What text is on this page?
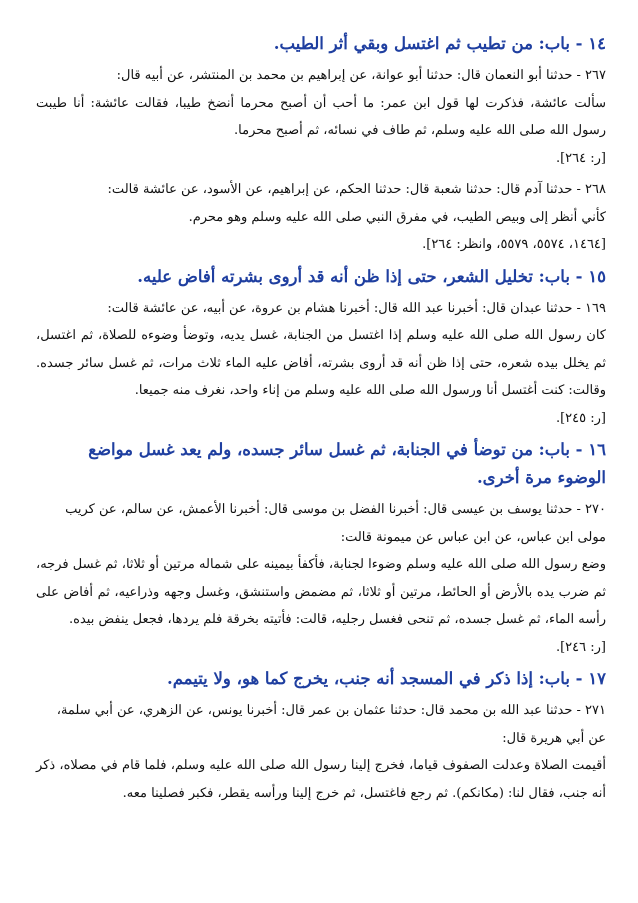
١٤ - باب: من تطيب ثم اغتسل وبقي أثر الطيب.

٢٦٧ - حدثنا أبو النعمان قال: حدثنا أبو عوانة، عن إبراهيم بن محمد بن المنتشر، عن أبيه قال:

سألت عائشة، فذكرت لها قول ابن عمر: ما أحب أن أصبح محرما أنضخ طيبا، فقالت عائشة: أنا طيبت رسول الله صلى الله عليه وسلم، ثم طاف في نسائه، ثم أصبح محرما.

[ر: ٢٦٤].

٢٦٨ - حدثنا آدم قال: حدثنا شعبة قال: حدثنا الحكم، عن إبراهيم، عن الأسود، عن عائشة قالت:

كأني أنظر إلى وبيص الطيب، في مفرق النبي صلى الله عليه وسلم وهو محرم.

[١٤٦٤، ٥٥٧٤، ٥٥٧٩، وانظر: ٢٦٤].

١٥ - باب: تخليل الشعر، حتى إذا ظن أنه قد أروى بشرته أفاض عليه.

١٦٩ - حدثنا عبدان قال: أخبرنا عبد الله قال: أخبرنا هشام بن عروة، عن أبيه، عن عائشة قالت:

كان رسول الله صلى الله عليه وسلم إذا اغتسل من الجنابة، غسل يديه، وتوضأ وضوءه للصلاة، ثم اغتسل، ثم يخلل بيده شعره، حتى إذا ظن أنه قد أروى بشرته، أفاض عليه الماء ثلاث مرات، ثم غسل سائر جسده. وقالت: كنت أغتسل أنا ورسول الله صلى الله عليه وسلم من إناء واحد، نغرف منه جميعا.

[ر: ٢٤٥].

١٦ - باب: من توضأ في الجنابة، ثم غسل سائر جسده، ولم يعد غسل مواضع الوضوء مرة أخرى.

٢٧٠ - حدثنا يوسف بن عيسى قال: أخبرنا الفضل بن موسى قال: أخبرنا الأعمش، عن سالم، عن كريب مولى ابن عباس، عن ابن عباس عن ميمونة قالت:

وضع رسول الله صلى الله عليه وسلم وضوءا لجنابة، فأكفأ بيمينه على شماله مرتين أو ثلاثا، ثم غسل فرجه، ثم ضرب يده بالأرض أو الحائط، مرتين أو ثلاثا، ثم مضمض واستنشق، وغسل وجهه وذراعيه، ثم أفاض على رأسه الماء، ثم غسل جسده، ثم تنحى فغسل رجليه، قالت: فأتيته بخرقة فلم يردها، فجعل ينفض بيده.

[ر: ٢٤٦].

١٧ - باب: إذا ذكر في المسجد أنه جنب، يخرج كما هو، ولا يتيمم.

٢٧١ - حدثنا عبد الله بن محمد قال: حدثنا عثمان بن عمر قال: أخبرنا يونس، عن الزهري، عن أبي سلمة، عن أبي هريرة قال:

أقيمت الصلاة وعدلت الصفوف قياما، فخرج إلينا رسول الله صلى الله عليه وسلم، فلما قام في مصلاه، ذكر أنه جنب، فقال لنا: (مكانكم). ثم رجع فاغتسل، ثم خرج إلينا ورأسه يقطر، فكبر فصلينا معه.
